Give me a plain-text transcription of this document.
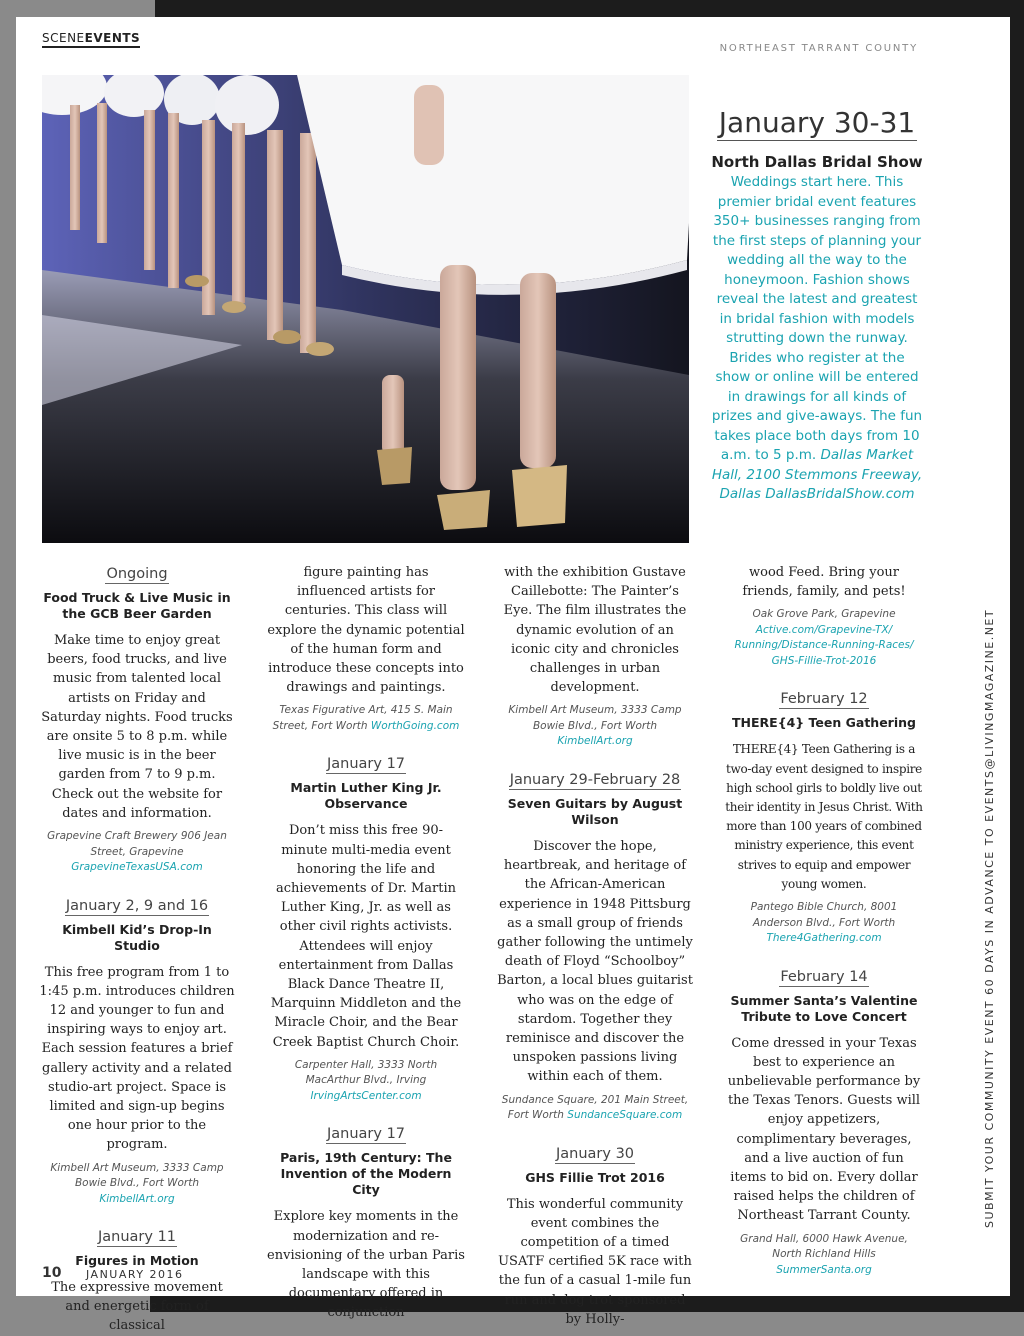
SCENEEVENTS
NORTHEAST TARRANT COUNTY
January 30-31
North Dallas Bridal Show
Weddings start here. This premier bridal event features 350+ businesses ranging from the first steps of planning your wedding all the way to the honeymoon. Fashion shows reveal the latest and greatest in bridal fashion with models strutting down the runway. Brides who register at the show or online will be entered in drawings for all kinds of prizes and give-aways. The fun takes place both days from 10 a.m. to 5 p.m. Dallas Market Hall, 2100 Stemmons Freeway, Dallas DallasBridalShow.com
Ongoing
Food Truck & Live Music in the GCB Beer Garden
Make time to enjoy great beers, food trucks, and live music from talented local artists on Friday and Saturday nights. Food trucks are onsite 5 to 8 p.m. while live music is in the beer garden from 7 to 9 p.m. Check out the website for dates and information.
Grapevine Craft Brewery 906 Jean Street, Grapevine
GrapevineTexasUSA.com
January 2, 9 and 16
Kimbell Kid’s Drop-In Studio
This free program from 1 to 1:45 p.m. introduces children 12 and younger to fun and inspiring ways to enjoy art. Each session features a brief gallery activity and a related studio-art project. Space is limited and sign-up begins one hour prior to the program.
Kimbell Art Museum, 3333 Camp Bowie Blvd., Fort Worth KimbellArt.org
January 11
Figures in Motion
The expressive movement and energetic form of classical
figure painting has influenced artists for centuries. This class will explore the dynamic potential of the human form and introduce these concepts into drawings and paintings.
Texas Figurative Art, 415 S. Main Street, Fort Worth WorthGoing.com
January 17
Martin Luther King Jr. Observance
Don’t miss this free 90-minute multi-media event honoring the life and achievements of Dr. Martin Luther King, Jr. as well as other civil rights activists. Attendees will enjoy entertainment from Dallas Black Dance Theatre II, Marquinn Middleton and the Miracle Choir, and the Bear Creek Baptist Church Choir.
Carpenter Hall, 3333 North MacArthur Blvd., Irving
IrvingArtsCenter.com
January 17
Paris, 19th Century: The Invention of the Modern City
Explore key moments in the modernization and re-envisioning of the urban Paris landscape with this documentary offered in conjunction
with the exhibition Gustave Caillebotte: The Painter’s Eye. The film illustrates the dynamic evolution of an iconic city and chronicles challenges in urban development.
Kimbell Art Museum, 3333 Camp Bowie Blvd., Fort Worth KimbellArt.org
January 29-February 28
Seven Guitars by August Wilson
Discover the hope, heartbreak, and heritage of the African-American experience in 1948 Pittsburg as a small group of friends gather following the untimely death of Floyd “Schoolboy” Barton, a local blues guitarist who was on the edge of stardom. Together they reminisce and discover the unspoken passions living within each of them.
Sundance Square, 201 Main Street, Fort Worth SundanceSquare.com
January 30
GHS Fillie Trot 2016
This wonderful community event combines the competition of a timed USATF certified 5K race with the fun of a casual 1-mile fun run and dog trot sponsored by Holly-
wood Feed. Bring your friends, family, and pets!
Oak Grove Park, Grapevine
Active.com/Grapevine-TX/ Running/Distance-Running-Races/ GHS-Fillie-Trot-2016
February 12
THERE{4} Teen Gathering
THERE{4} Teen Gathering is a two-day event designed to inspire high school girls to boldly live out their identity in Jesus Christ. With more than 100 years of combined ministry experience, this event strives to equip and empower young women.
Pantego Bible Church, 8001 Anderson Blvd., Fort Worth
There4Gathering.com
February 14
Summer Santa’s Valentine Tribute to Love Concert
Come dressed in your Texas best to experience an unbelievable performance by the Texas Tenors. Guests will enjoy appetizers, complimentary beverages, and a live auction of fun items to bid on. Every dollar raised helps the children of Northeast Tarrant County.
Grand Hall, 6000 Hawk Avenue, North Richland Hills SummerSanta.org
SUBMIT YOUR COMMUNITY EVENT 60 DAYS IN ADVANCE TO EVENTS@LIVINGMAGAZINE.NET
10 JANUARY 2016
